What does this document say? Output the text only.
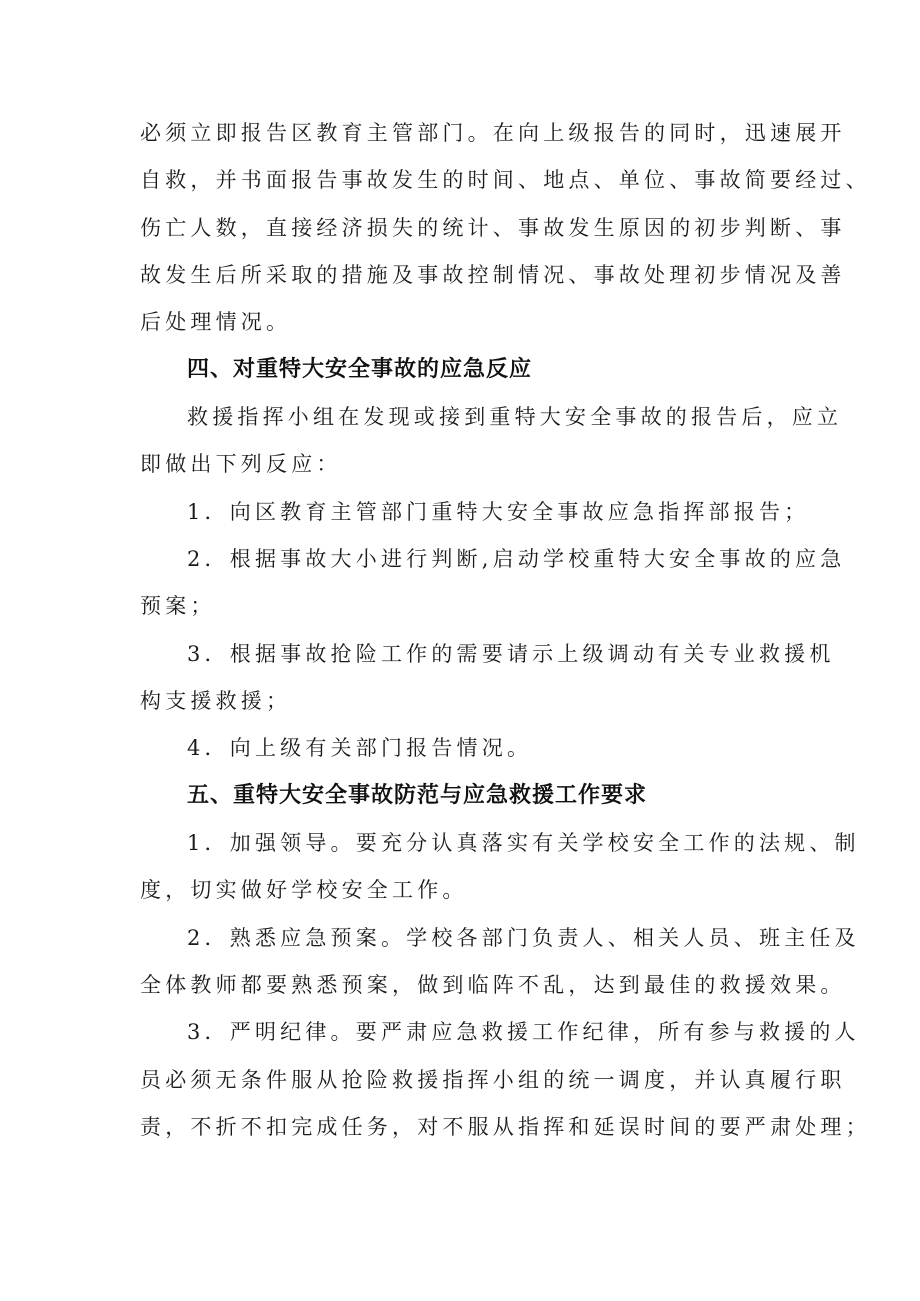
必须立即报告区教育主管部门。在向上级报告的同时，迅速展开
自救，并书面报告事故发生的时间、地点、单位、事故简要经过、
伤亡人数，直接经济损失的统计、事故发生原因的初步判断、事
故发生后所采取的措施及事故控制情况、事故处理初步情况及善
后处理情况。
四、对重特大安全事故的应急反应
救援指挥小组在发现或接到重特大安全事故的报告后，应立
即做出下列反应：
1．向区教育主管部门重特大安全事故应急指挥部报告；
2．根据事故大小进行判断,启动学校重特大安全事故的应急
预案；
3．根据事故抢险工作的需要请示上级调动有关专业救援机
构支援救援；
4．向上级有关部门报告情况。
五、重特大安全事故防范与应急救援工作要求
1．加强领导。要充分认真落实有关学校安全工作的法规、制
度，切实做好学校安全工作。
2．熟悉应急预案。学校各部门负责人、相关人员、班主任及
全体教师都要熟悉预案，做到临阵不乱，达到最佳的救援效果。
3．严明纪律。要严肃应急救援工作纪律，所有参与救援的人
员必须无条件服从抢险救援指挥小组的统一调度，并认真履行职
责，不折不扣完成任务，对不服从指挥和延误时间的要严肃处理；
